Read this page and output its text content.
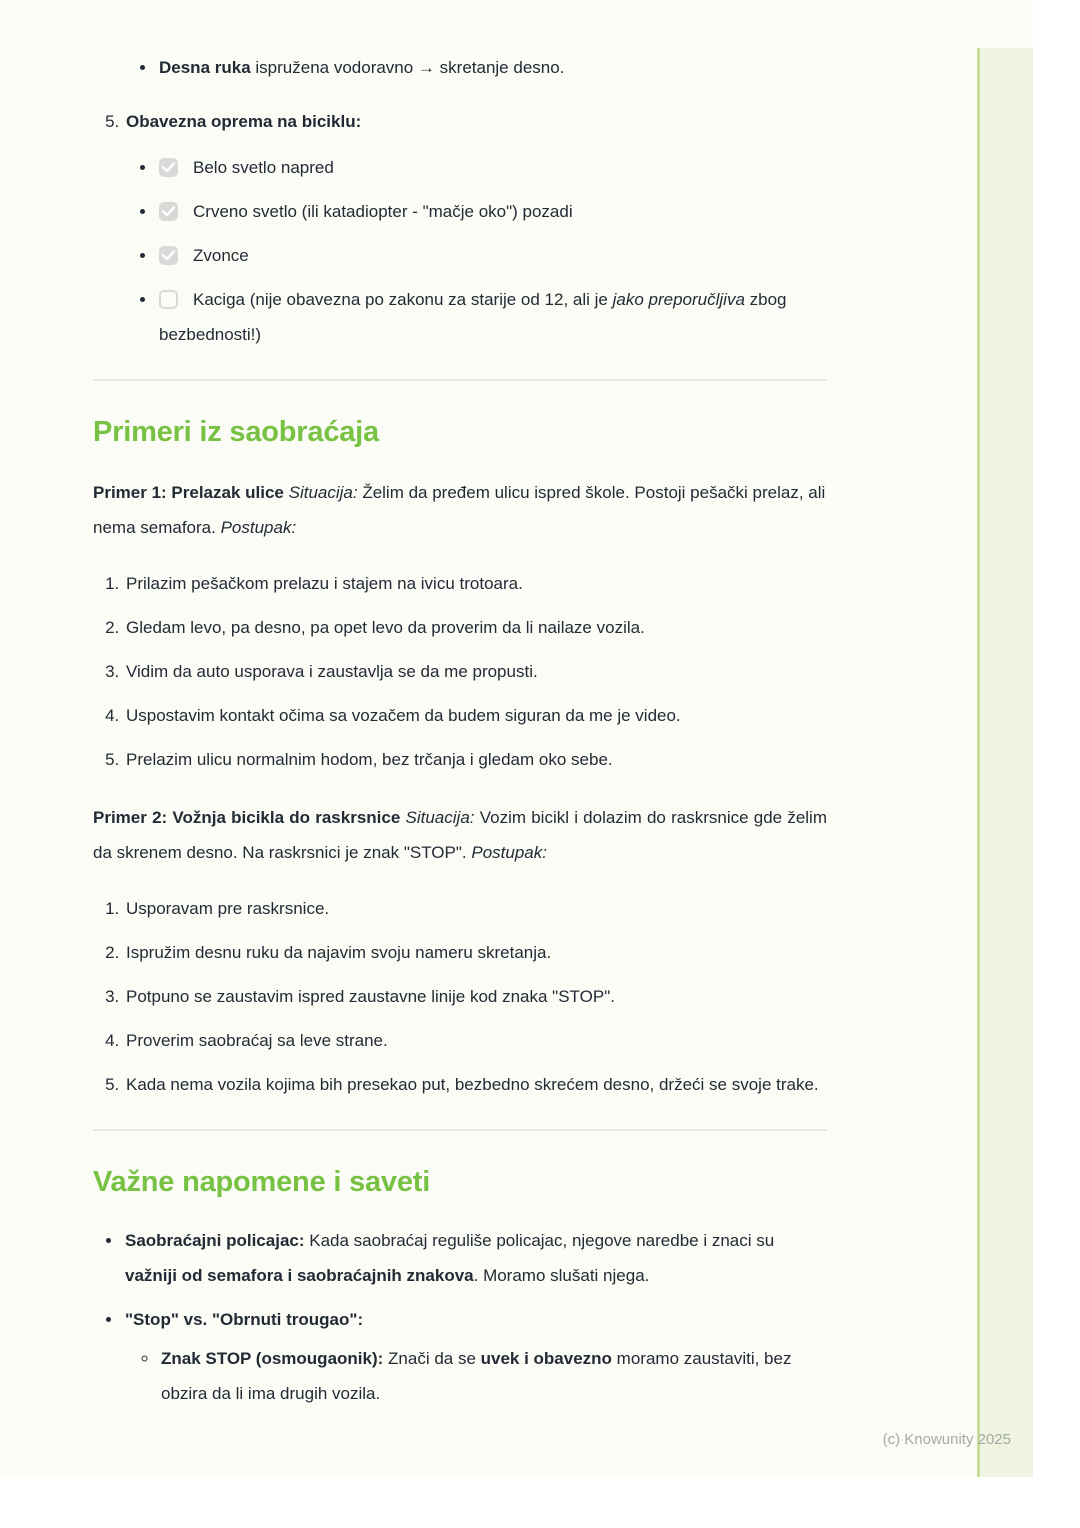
• Desna ruka ispružena vodoravno → skretanje desno.
5. Obavezna oprema na biciklu:
• Belo svetlo napred
• Crveno svetlo (ili katadiopter - "mačje oko") pozadi
• Zvonce
• Kaciga (nije obavezna po zakonu za starije od 12, ali je jako preporučljiva zbog bezbednosti!)
Primeri iz saobraćaja

Primer 1: Prelazak ulice Situacija: Želim da pređem ulicu ispred škole. Postoji pešački prelaz, ali nema semafora. Postupak:

1. Prilazim pešačkom prelazu i stajem na ivicu trotoara.
2. Gledam levo, pa desno, pa opet levo da proverim da li nailaze vozila.
3. Vidim da auto usporava i zaustavlja se da me propusti.
4. Uspostavim kontakt očima sa vozačem da budem siguran da me je video.
5. Prelazim ulicu normalnim hodom, bez trčanja i gledam oko sebe.

Primer 2: Vožnja bicikla do raskrsnice Situacija: Vozim bicikl i dolazim do raskrsnice gde želim da skrenem desno. Na raskrsnici je znak "STOP". Postupak:

1. Usporavam pre raskrsnice.
2. Ispružim desnu ruku da najavim svoju nameru skretanja.
3. Potpuno se zaustavim ispred zaustavne linije kod znaka "STOP".
4. Proverim saobraćaj sa leve strane.
5. Kada nema vozila kojima bih presekao put, bezbedno skrećem desno, držeći se svoje trake.
Važne napomene i saveti
• Saobraćajni policajac: Kada saobraćaj reguliše policajac, njegove naredbe i znaci su važniji od semafora i saobraćajnih znakova. Moramo slušati njega.
• "Stop" vs. "Obrnuti trougao":
◦ Znak STOP (osmougaonik): Znači da se uvek i obavezno moramo zaustaviti, bez obzira da li ima drugih vozila.
(c) Knowunity 2025
